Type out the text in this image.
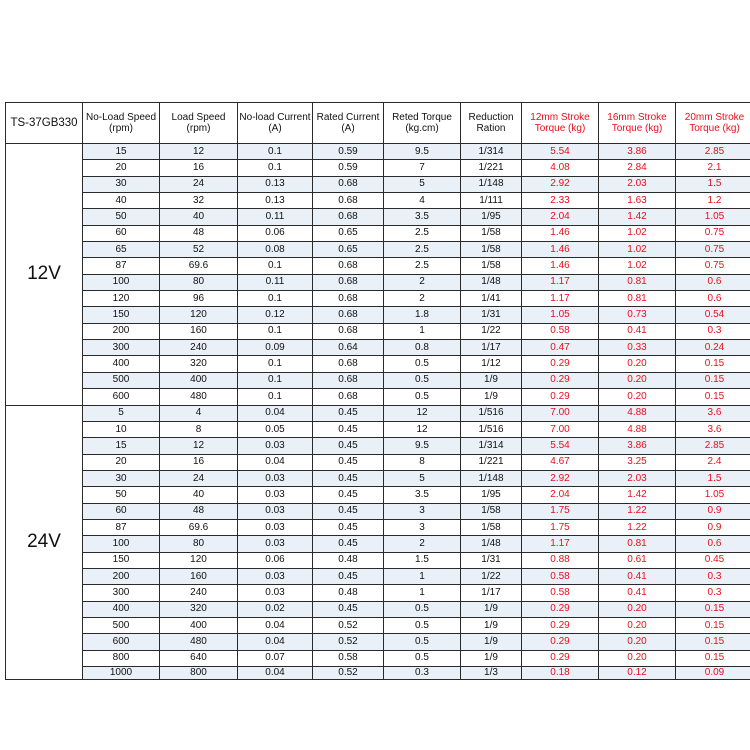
TS-37GB330	No-Load Speed (rpm)	Load Speed (rpm)	No-load Current (A)	Rated Current (A)	Reted Torque (kg.cm)	Reduction Ration	12mm Stroke Torque (kg)	16mm Stroke Torque (kg)	20mm Stroke Torque (kg)
12V	15	12	0.1	0.59	9.5	1/314	5.54	3.86	2.85
	20	16	0.1	0.59	7	1/221	4.08	2.84	2.1
	30	24	0.13	0.68	5	1/148	2.92	2.03	1.5
	40	32	0.13	0.68	4	1/111	2.33	1.63	1.2
	50	40	0.11	0.68	3.5	1/95	2.04	1.42	1.05
	60	48	0.06	0.65	2.5	1/58	1.46	1.02	0.75
	65	52	0.08	0.65	2.5	1/58	1.46	1.02	0.75
	87	69.6	0.1	0.68	2.5	1/58	1.46	1.02	0.75
	100	80	0.11	0.68	2	1/48	1.17	0.81	0.6
	120	96	0.1	0.68	2	1/41	1.17	0.81	0.6
	150	120	0.12	0.68	1.8	1/31	1.05	0.73	0.54
	200	160	0.1	0.68	1	1/22	0.58	0.41	0.3
	300	240	0.09	0.64	0.8	1/17	0.47	0.33	0.24
	400	320	0.1	0.68	0.5	1/12	0.29	0.20	0.15
	500	400	0.1	0.68	0.5	1/9	0.29	0.20	0.15
	600	480	0.1	0.68	0.5	1/9	0.29	0.20	0.15
24V	5	4	0.04	0.45	12	1/516	7.00	4.88	3.6
	10	8	0.05	0.45	12	1/516	7.00	4.88	3.6
	15	12	0.03	0.45	9.5	1/314	5.54	3.86	2.85
	20	16	0.04	0.45	8	1/221	4.67	3.25	2.4
	30	24	0.03	0.45	5	1/148	2.92	2.03	1.5
	50	40	0.03	0.45	3.5	1/95	2.04	1.42	1.05
	60	48	0.03	0.45	3	1/58	1.75	1.22	0.9
	87	69.6	0.03	0.45	3	1/58	1.75	1.22	0.9
	100	80	0.03	0.45	2	1/48	1.17	0.81	0.6
	150	120	0.06	0.48	1.5	1/31	0.88	0.61	0.45
	200	160	0.03	0.45	1	1/22	0.58	0.41	0.3
	300	240	0.03	0.48	1	1/17	0.58	0.41	0.3
	400	320	0.02	0.45	0.5	1/9	0.29	0.20	0.15
	500	400	0.04	0.52	0.5	1/9	0.29	0.20	0.15
	600	480	0.04	0.52	0.5	1/9	0.29	0.20	0.15
	800	640	0.07	0.58	0.5	1/9	0.29	0.20	0.15
	1000	800	0.04	0.52	0.3	1/3	0.18	0.12	0.09
